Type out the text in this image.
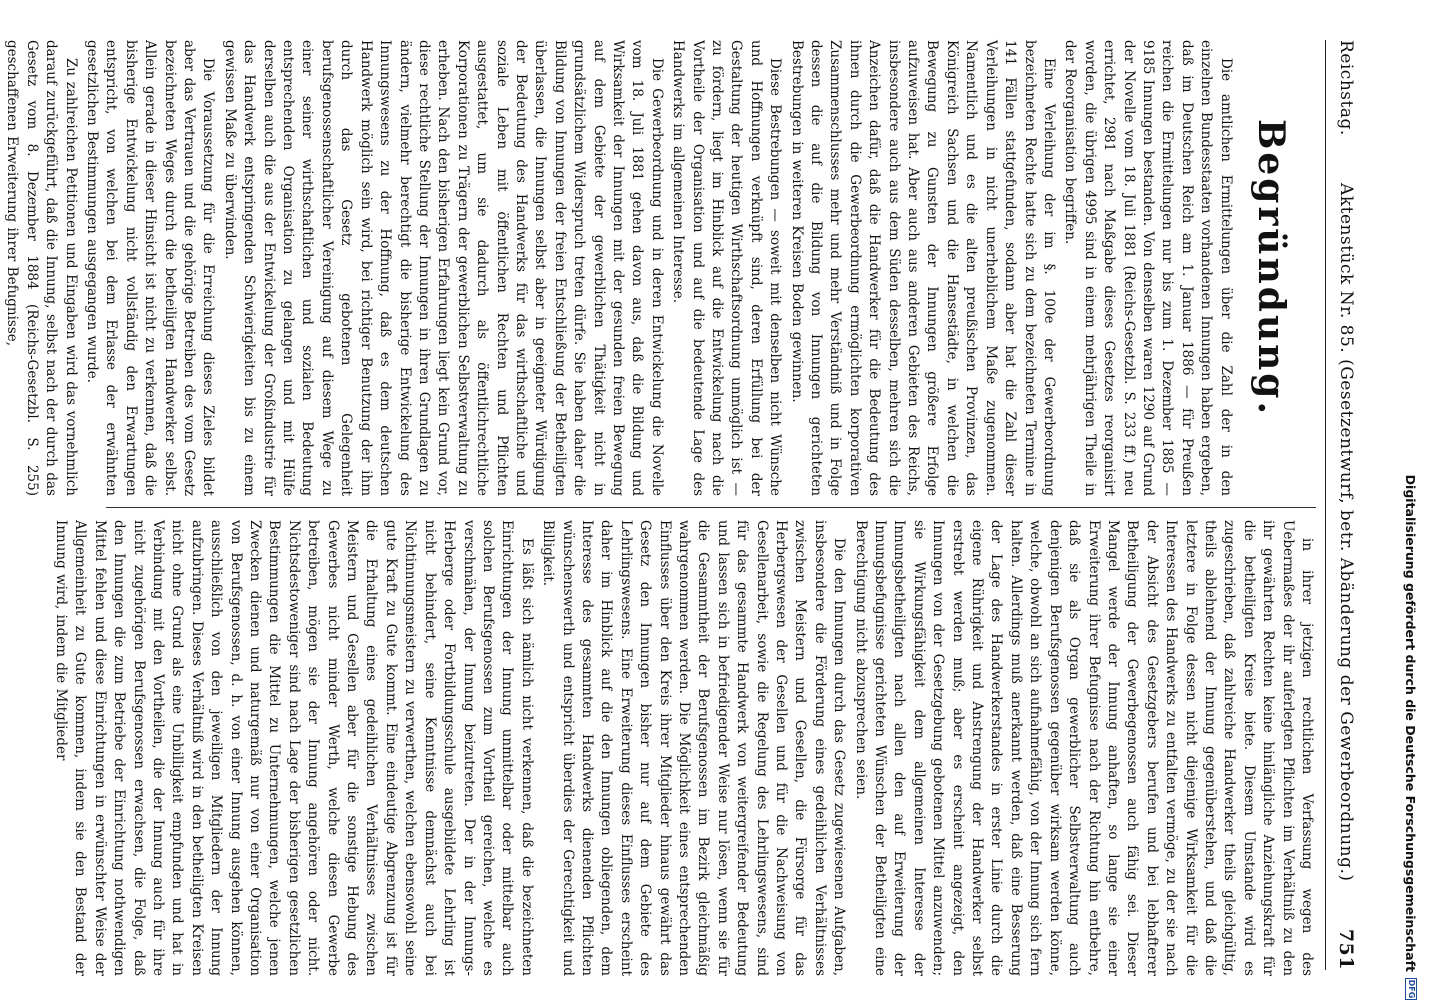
Reichstag.
Aktenstück Nr. 85. (Gesetzentwurf, betr. Abänderung der Gewerbeordnung.)
751
Begründung.

Die amtlichen Ermittelungen über die Zahl der in den einzelnen Bundesstaaten vorhandenen Innungen haben ergeben, daß im Deutschen Reich am 1. Januar 1886 — für Preußen reichen die Ermittelungen nur bis zum 1. Dezember 1885 — 9185 Innungen bestanden. Von denselben waren 1290 auf Grund der Novelle vom 18. Juli 1881 (Reichs-Gesetzbl. S. 233 ff.) neu errichtet, 2981 nach Maßgabe dieses Gesetzes reorganisirt worden, die übrigen 4995 sind in einem mehrjährigen Theile in der Reorganisation begriffen.

Eine Verleihung der im §. 100e der Gewerbeordnung bezeichneten Rechte hatte sich zu dem bezeichneten Termine in 141 Fällen stattgefunden, sodann aber hat die Zahl dieser Verleihungen in nicht unerheblichem Maße zugenommen. Namentlich und es die alten preußischen Provinzen, das Königreich Sachsen und die Hansestädte, in welchen die Bewegung zu Gunsten der Innungen größere Erfolge aufzuweisen hat. Aber auch aus anderen Gebieten des Reichs, insbesondere auch aus dem Süden desselben, mehren sich die Anzeichen dafür, daß die Handwerker für die Bedeutung des ihnen durch die Gewerbeordnung ermöglichten korporativen Zusammenschlusses mehr und mehr Verständniß und in Folge dessen die auf die Bildung von Innungen gerichteten Bestrebungen in weiteren Kreisen Boden gewinnen.

Diese Bestrebungen — soweit mit denselben nicht Wünsche und Hoffnungen verknüpft sind, deren Erfüllung bei der Gestaltung der heutigen Wirthschaftsordnung unmöglich ist — zu fördern, liegt im Hinblick auf die Entwickelung nach die Vortheile der Organisation und auf die bedeutende Lage des Handwerks im allgemeinen Interesse.

Die Gewerbeordnung und in deren Entwickelung die Novelle vom 18. Juli 1881 gehen davon aus, daß die Bildung und Wirksamkeit der Innungen mit der gesunden freien Bewegung auf dem Gebiete der gewerblichen Thätigkeit nicht in grundsätzlichem Widerspruch treten dürfe. Sie haben daher die Bildung von Innungen der freien Entschließung der Betheiligten überlassen, die Innungen selbst aber in geeigneter Würdigung der Bedeutung des Handwerks für das wirthschaftliche und soziale Leben mit öffentlichen Rechten und Pflichten ausgestattet, um sie dadurch als öffentlichrechtliche Korporationen zu Trägern der gewerblichen Selbstverwaltung zu erheben. Nach den bisherigen Erfahrungen liegt kein Grund vor, diese rechtliche Stellung der Innungen in ihren Grundlagen zu ändern, vielmehr berechtigt die bisherige Entwickelung des Innungswesens zu der Hoffnung, daß es dem deutschen Handwerk möglich sein wird, bei richtiger Benutzung der ihm durch das Gesetz gebotenen Gelegenheit berufsgenossenschaftlicher Vereinigung auf diesem Wege zu einer seiner wirthschaftlichen und sozialen Bedeutung entsprechenden Organisation zu gelangen und mit Hülfe derselben auch die aus der Entwickelung der Großindustrie für das Handwerk entspringenden Schwierigkeiten bis zu einem gewissen Maße zu überwinden.

Die Voraussetzung für die Erreichung dieses Zieles bildet aber das Vertrauen und die gehörige Betreiben des vom Gesetz bezeichneten Weges durch die betheiligten Handwerker selbst. Allein gerade in dieser Hinsicht ist nicht zu verkennen, daß die bisherige Entwickelung nicht vollständig den Erwartungen entspricht, von welchen bei dem Erlasse der erwähnten gesetzlichen Bestimmungen ausgegangen wurde.

Zu zahlreichen Petitionen und Eingaben wird das vornehmlich darauf zurückgeführt, daß die Innung, selbst nach der durch das Gesetz vom 8. Dezember 1884 (Reichs-Gesetzbl. S. 255) geschaffenen Erweiterung ihrer Befugnisse,

in ihrer jetzigen rechtlichen Verfassung wegen des Uebermaßes der ihr auferlegten Pflichten im Verhältniß zu den ihr gewährten Rechten keine hinlängliche Anziehungskraft für die betheiligten Kreise biete. Diesem Umstande wird es zugeschrieben, daß zahlreiche Handwerker theils gleichgültig, theils ablehnend der Innung gegenüberstehen, und daß die letztere in Folge dessen nicht diejenige Wirksamkeit für die Interessen des Handwerks zu entfalten vermöge, zu der sie nach der Absicht des Gesetzgebers berufen und bei lebhafterer Betheiligung der Gewerbegenossen auch fähig sei. Dieser Mangel werde der Innung anhaften, so lange sie einer Erweiterung ihrer Befugnisse nach der Richtung hin entbehre, daß sie als Organ gewerblicher Selbstverwaltung auch denjenigen Berufsgenossen gegenüber wirksam werden könne, welche, obwohl an sich aufnahmefähig, von der Innung sich fern halten. Allerdings muß anerkannt werden, daß eine Besserung der Lage des Handwerkerstandes in erster Linie durch die eigene Rührigkeit und Anstrengung der Handwerker selbst erstrebt werden muß; aber es erscheint angezeigt, den Innungen von der Gesetzgebung gebotenen Mittel anzuwenden; sie Wirkungsfähigkeit dem allgemeinen Interesse der Innungsbetheiligten nach allen den auf Erweiterung der Innungsbefugnisse gerichteten Wünschen der Betheiligten eine Berechtigung nicht abzusprechen seien.

Die den Innungen durch das Gesetz zugewiesenen Aufgaben, insbesondere die Förderung eines gedeihlichen Verhältnisses zwischen Meistern und Gesellen, die Fürsorge für das Herbergswesen der Gesellen und für die Nachweisung von Gesellenarbeit, sowie die Regelung des Lehrlingswesens, sind für das gesammte Handwerk von weitergreifender Bedeutung und lassen sich in befriedigender Weise nur lösen, wenn sie für die Gesammtheit der Berufsgenossen im Bezirk gleichmäßig wahrgenommen werden. Die Möglichkeit eines entsprechenden Einflusses über den Kreis ihrer Mitglieder hinaus gewährt das Gesetz den Innungen bisher nur auf dem Gebiete des Lehrlingswesens. Eine Erweiterung dieses Einflusses erscheint daher im Hinblick auf die den Innungen obliegenden, dem Interesse des gesammten Handwerks dienenden Pflichten wünschenswerth und entspricht überdies der Gerechtigkeit und Billigkeit.

Es läßt sich nämlich nicht verkennen, daß die bezeichneten Einrichtungen der Innung unmittelbar oder mittelbar auch solchen Berufsgenossen zum Vortheil gereichen, welche es verschmähen, der Innung beizutreten. Der in der Innungs-Herberge oder Fortbildungsschule ausgebildete Lehrling ist nicht behindert, seine Kenntnisse demnächst auch bei Nichtinnungsmeistern zu verwerthen, welchen ebensowohl seine gute Kraft zu Gute kommt. Eine eindeutige Abgrenzung ist für die Erhaltung eines gedeihlichen Verhältnisses zwischen Meistern und Gesellen aber für die sonstige Hebung des Gewerbes nicht minder Werth, welche diesen Gewerbe betreiben, mögen sie der Innung angehören oder nicht. Nichtsdestoweniger sind nach Lage der bisherigen gesetzlichen Bestimmungen die Mittel zu Unternehmungen, welche jenen Zwecken dienen und naturgemäß nur von einer Organisation von Berufsgenossen, d. h. von einer Innung ausgehen können, ausschließlich von den jeweiligen Mitgliedern der Innung aufzubringen. Dieses Verhältniß wird in den betheiligten Kreisen nicht ohne Grund als eine Unbilligkeit empfunden und hat in Verbindung mit den Vortheilen, die der Innung auch für ihre nicht zugehörigen Berufsgenossen erwachsen, die Folge, daß den Innungen die zum Betriebe der Einrichtung nothwendigen Mittel fehlen und diese Einrichtungen in erwünschter Weise der Allgemeinheit zu Gute kommen, indem sie den Bestand der Innung wird, indem die Mitglieder	Digitalisierung gefördert durch die Deutsche Forschungsgemeinschaft
DFG
